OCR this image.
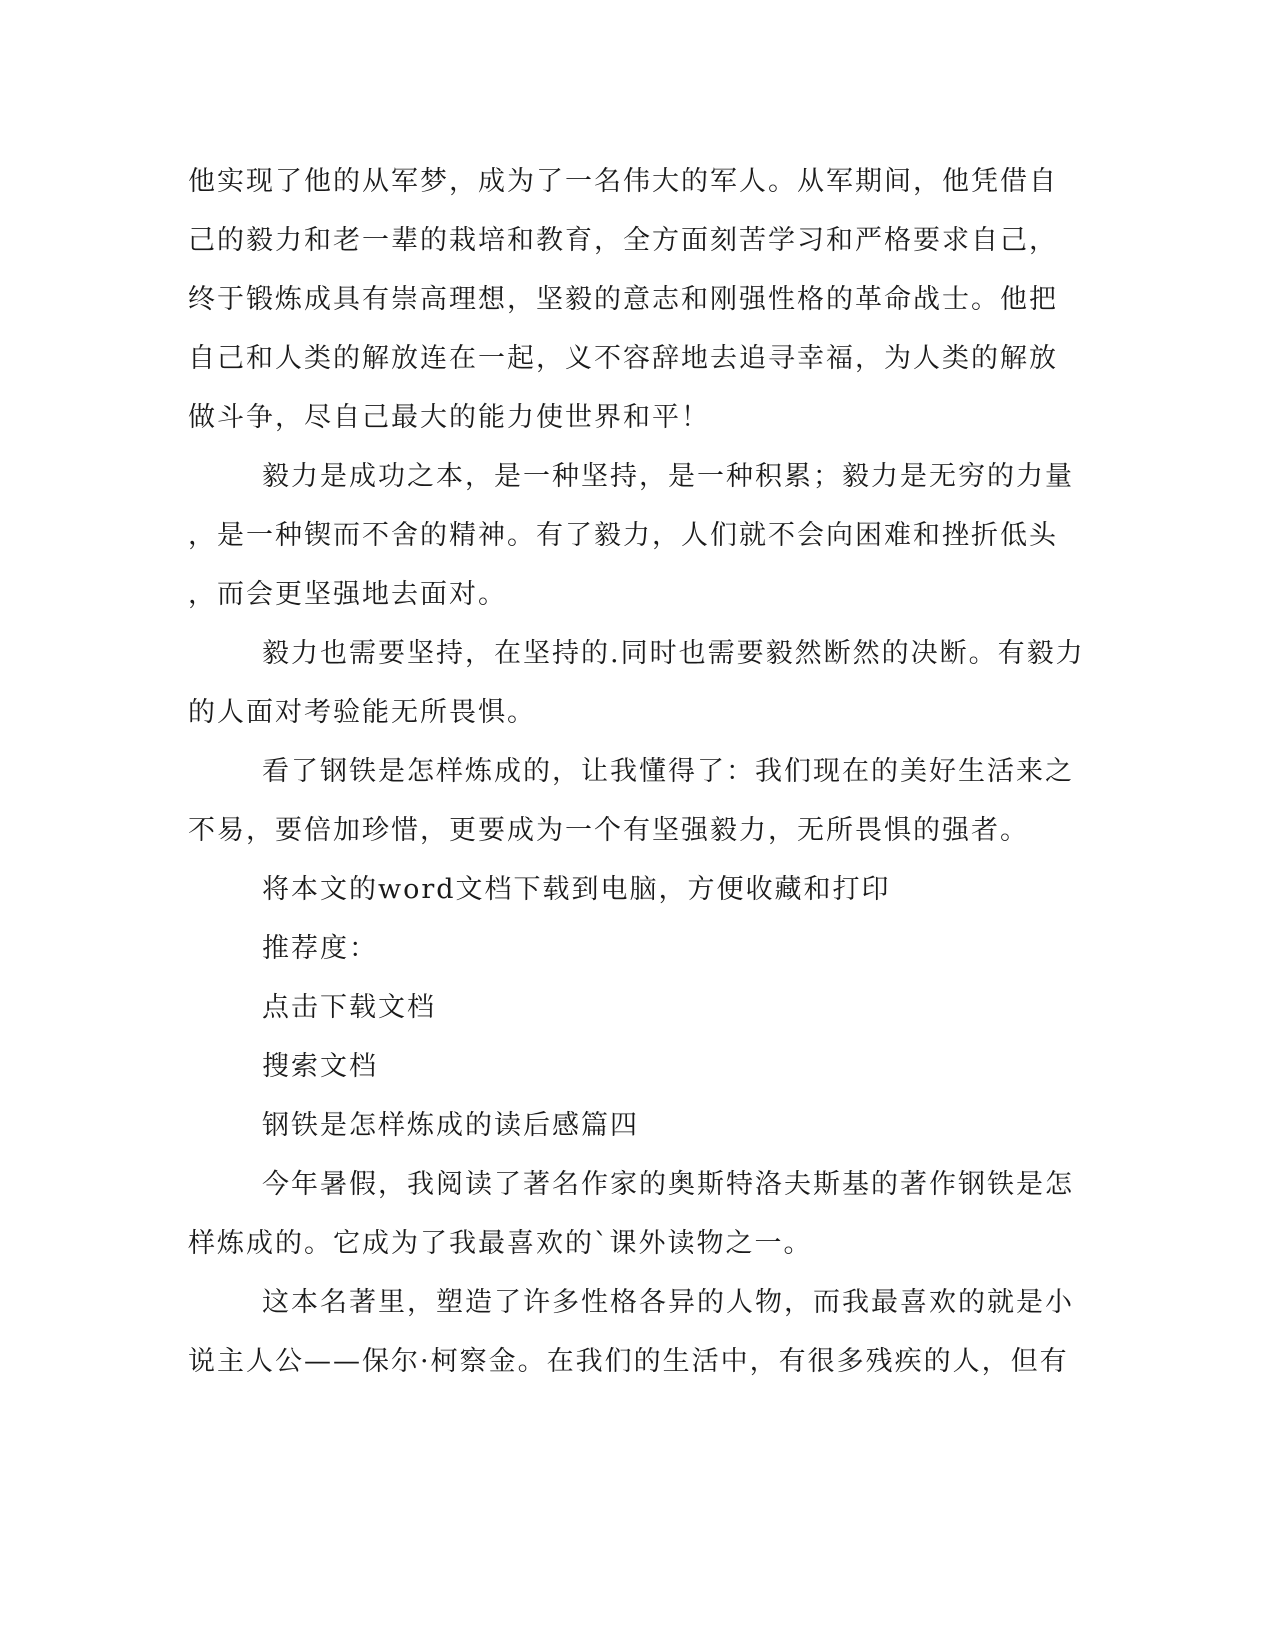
他实现了他的从军梦，成为了一名伟大的军人。从军期间，他凭借自
己的毅力和老一辈的栽培和教育，全方面刻苦学习和严格要求自己，
终于锻炼成具有崇高理想，坚毅的意志和刚强性格的革命战士。他把
自己和人类的解放连在一起，义不容辞地去追寻幸福，为人类的解放
做斗争，尽自己最大的能力使世界和平！
毅力是成功之本，是一种坚持，是一种积累；毅力是无穷的力量
，是一种锲而不舍的精神。有了毅力，人们就不会向困难和挫折低头
，而会更坚强地去面对。
毅力也需要坚持，在坚持的.同时也需要毅然断然的决断。有毅力
的人面对考验能无所畏惧。
看了钢铁是怎样炼成的，让我懂得了：我们现在的美好生活来之
不易，要倍加珍惜，更要成为一个有坚强毅力，无所畏惧的强者。
将本文的word文档下载到电脑，方便收藏和打印
推荐度：
点击下载文档
搜索文档
钢铁是怎样炼成的读后感篇四
今年暑假，我阅读了著名作家的奥斯特洛夫斯基的著作钢铁是怎
样炼成的。它成为了我最喜欢的`课外读物之一。
这本名著里，塑造了许多性格各异的人物，而我最喜欢的就是小
说主人公——保尔·柯察金。在我们的生活中，有很多残疾的人，但有
